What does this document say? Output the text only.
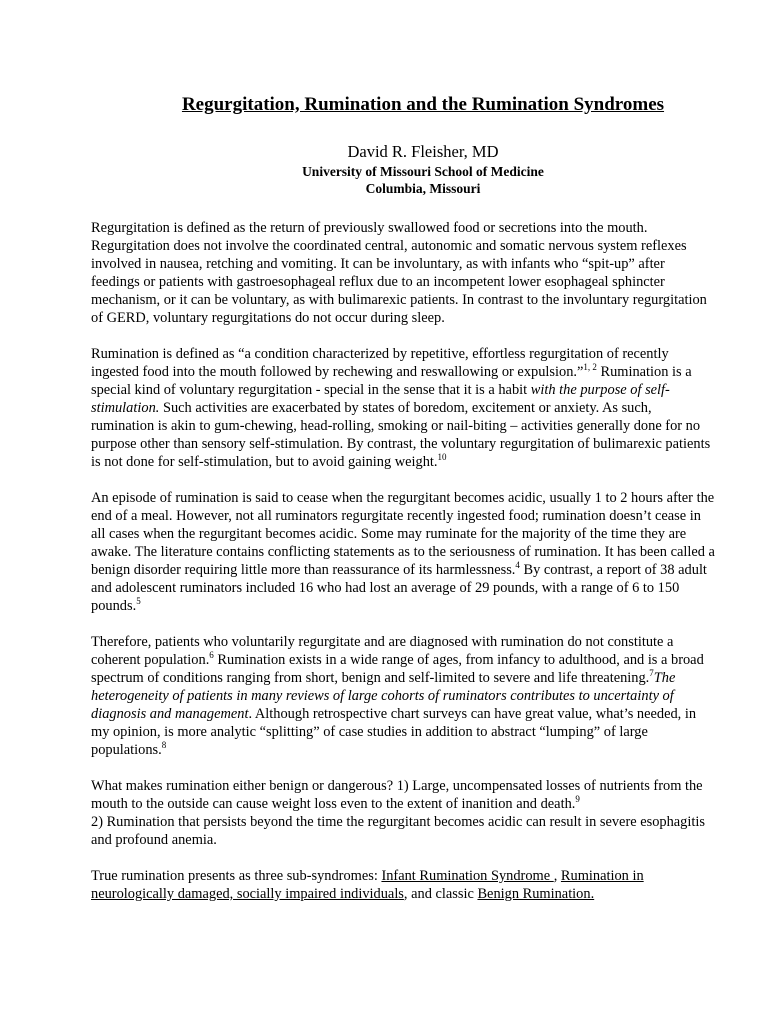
Regurgitation, Rumination and the Rumination Syndromes
David R. Fleisher, MD
University of Missouri School of Medicine
Columbia, Missouri

Regurgitation is defined as the return of previously swallowed food or secretions into the mouth. Regurgitation does not involve the coordinated central, autonomic and somatic nervous system reflexes involved in nausea, retching and vomiting. It can be involuntary, as with infants who “spit-up” after feedings or patients with gastroesophageal reflux due to an incompetent lower esophageal sphincter mechanism, or it can be voluntary, as with bulimarexic patients. In contrast to the involuntary regurgitation of GERD, voluntary regurgitations do not occur during sleep.

Rumination is defined as “a condition characterized by repetitive, effortless regurgitation of recently ingested food into the mouth followed by rechewing and reswallowing or expulsion.”$^{1, 2}$ Rumination is a special kind of voluntary regurgitation - special in the sense that it is a habit with the purpose of self-stimulation. Such activities are exacerbated by states of boredom, excitement or anxiety. As such, rumination is akin to gum-chewing, head-rolling, smoking or nail-biting – activities generally done for no purpose other than sensory self-stimulation. By contrast, the voluntary regurgitation of bulimarexic patients is not done for self-stimulation, but to avoid gaining weight.$^{10}$

An episode of rumination is said to cease when the regurgitant becomes acidic, usually 1 to 2 hours after the end of a meal. However, not all ruminators regurgitate recently ingested food; rumination doesn’t cease in all cases when the regurgitant becomes acidic. Some may ruminate for the majority of the time they are awake. The literature contains conflicting statements as to the seriousness of rumination. It has been called a benign disorder requiring little more than reassurance of its harmlessness.$^4$ By contrast, a report of 38 adult and adolescent ruminators included 16 who had lost an average of 29 pounds, with a range of 6 to 150 pounds.$^5$

Therefore, patients who voluntarily regurgitate and are diagnosed with rumination do not constitute a coherent population.$^6$ Rumination exists in a wide range of ages, from infancy to adulthood, and is a broad spectrum of conditions ranging from short, benign and self-limited to severe and life threatening.$^7$The heterogeneity of patients in many reviews of large cohorts of ruminators contributes to uncertainty of diagnosis and management. Although retrospective chart surveys can have great value, what’s needed, in my opinion, is more analytic “splitting” of case studies in addition to abstract “lumping” of large populations.$^8$

What makes rumination either benign or dangerous? 1) Large, uncompensated losses of nutrients from the mouth to the outside can cause weight loss even to the extent of inanition and death.$^9$
2) Rumination that persists beyond the time the regurgitant becomes acidic can result in severe esophagitis and profound anemia.

True rumination presents as three sub-syndromes: Infant Rumination Syndrome , Rumination in neurologically damaged, socially impaired individuals, and classic Benign Rumination.
